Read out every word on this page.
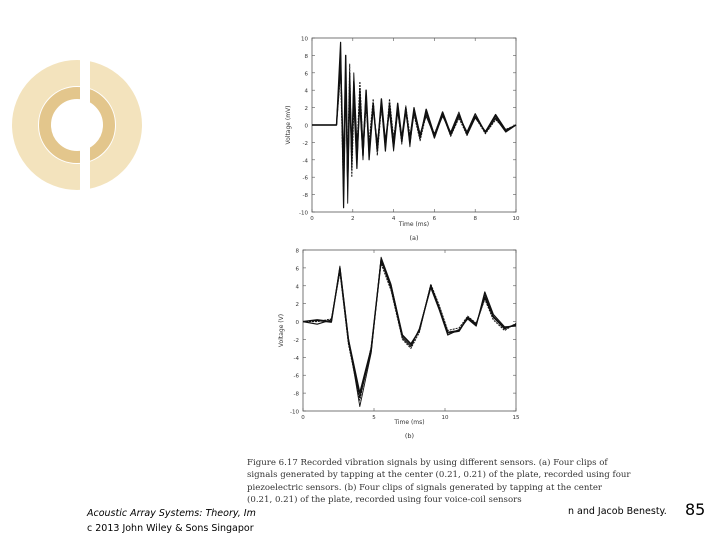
10
8
6
4
2
0
-2
-4
-6
-8
-10
0	2	4	6	8	10
Time (ms)
Voltage (mV)
(a)
8
6
4
2
0
-2
-4
-6
-8
-10
0	5	10	15
Time (ms)
Voltage (V)
(b)
Figure 6.17 Recorded vibration signals by using different sensors. (a) Four clips of
signals generated by tapping at the center (0.21, 0.21) of the plate, recorded using four
piezoelectric sensors. (b) Four clips of signals generated by tapping at the center
(0.21, 0.21) of the plate, recorded using four voice-coil sensors
Acoustic Array Systems: Theory, Im
c 2013 John Wiley & Sons Singapor
n and Jacob Benesty. 85
